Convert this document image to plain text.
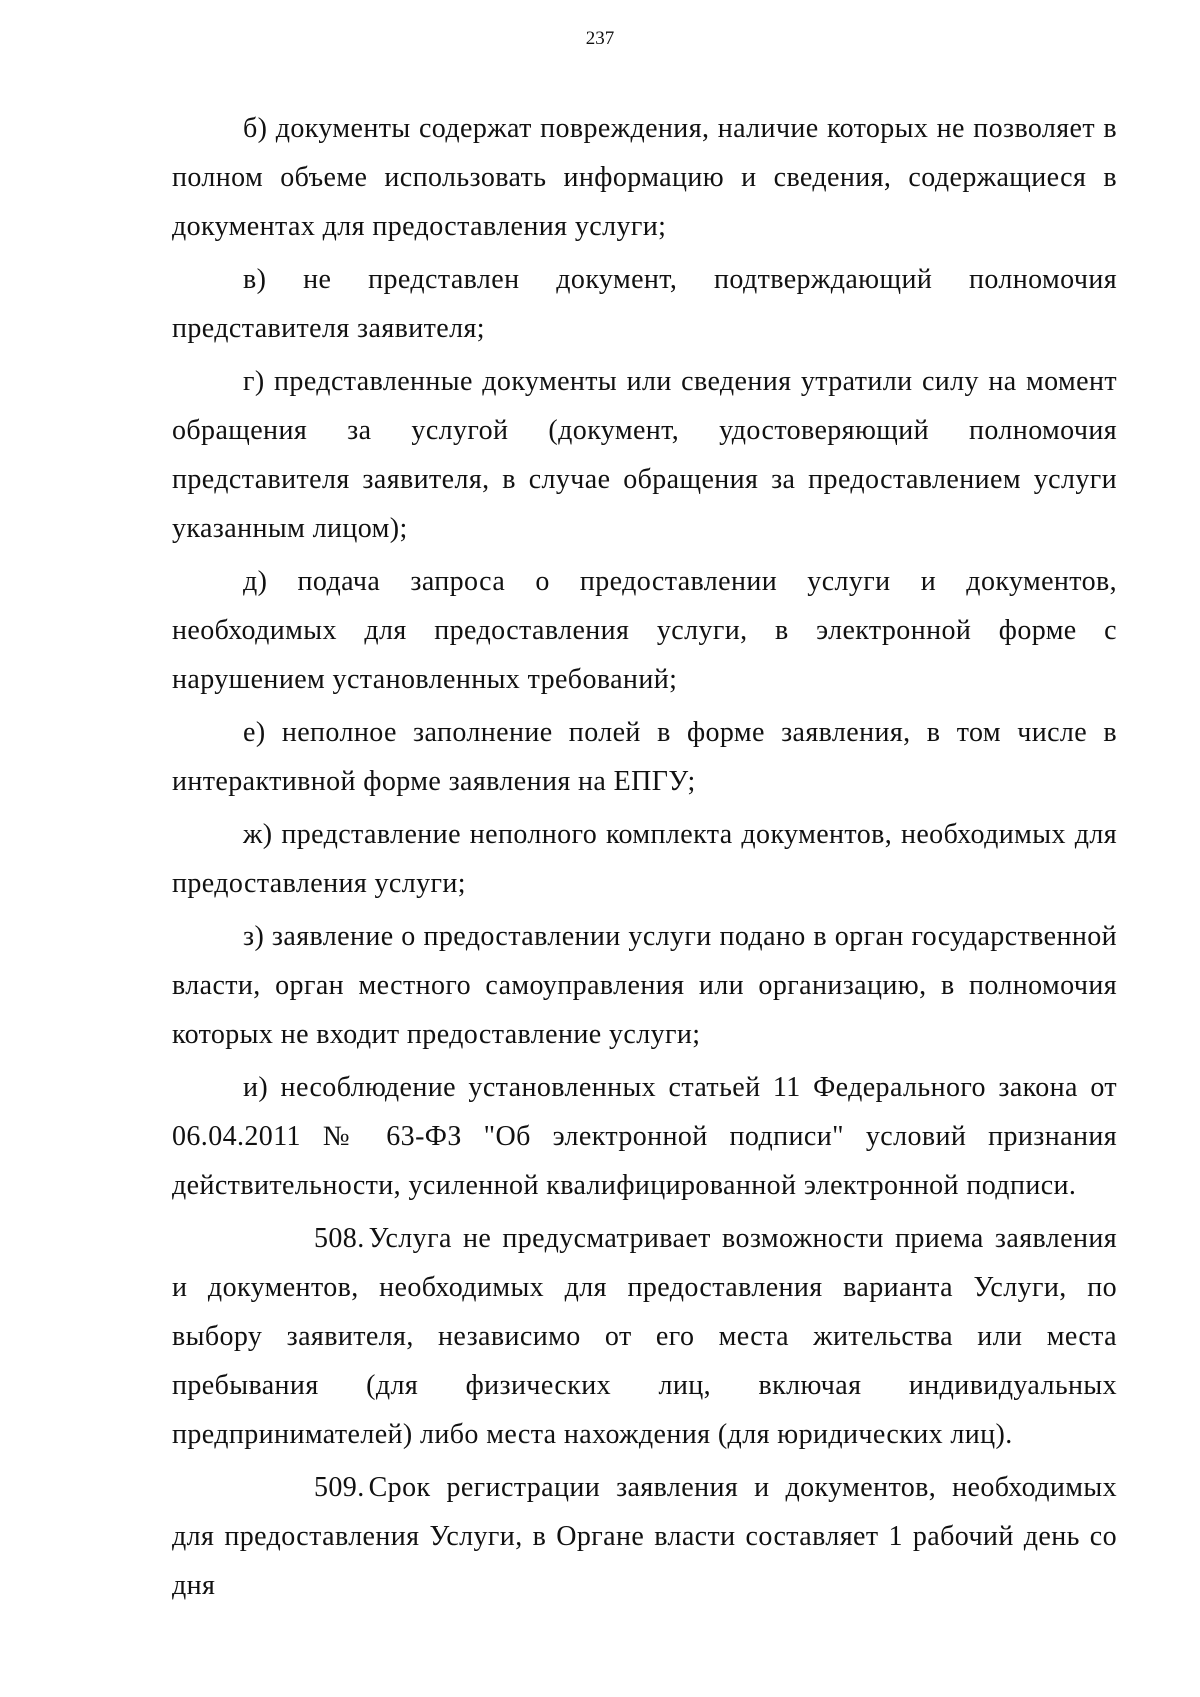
237

б) документы содержат повреждения, наличие которых не позволяет в полном объеме использовать информацию и сведения, содержащиеся в документах для предоставления услуги;

в) не представлен документ, подтверждающий полномочия представителя заявителя;

г) представленные документы или сведения утратили силу на момент обращения за услугой (документ, удостоверяющий полномочия представителя заявителя, в случае обращения за предоставлением услуги указанным лицом);

д) подача запроса о предоставлении услуги и документов, необходимых для предоставления услуги, в электронной форме с нарушением установленных требований;

е) неполное заполнение полей в форме заявления, в том числе в интерактивной форме заявления на ЕПГУ;

ж) представление неполного комплекта документов, необходимых для предоставления услуги;

з) заявление о предоставлении услуги подано в орган государственной власти, орган местного самоуправления или организацию, в полномочия которых не входит предоставление услуги;

и) несоблюдение установленных статьей 11 Федерального закона от 06.04.2011 № 63-ФЗ "Об электронной подписи" условий признания действительности, усиленной квалифицированной электронной подписи.

508. Услуга не предусматривает возможности приема заявления и документов, необходимых для предоставления варианта Услуги, по выбору заявителя, независимо от его места жительства или места пребывания (для физических лиц, включая индивидуальных предпринимателей) либо места нахождения (для юридических лиц).

509. Срок регистрации заявления и документов, необходимых для предоставления Услуги, в Органе власти составляет 1 рабочий день со дня
